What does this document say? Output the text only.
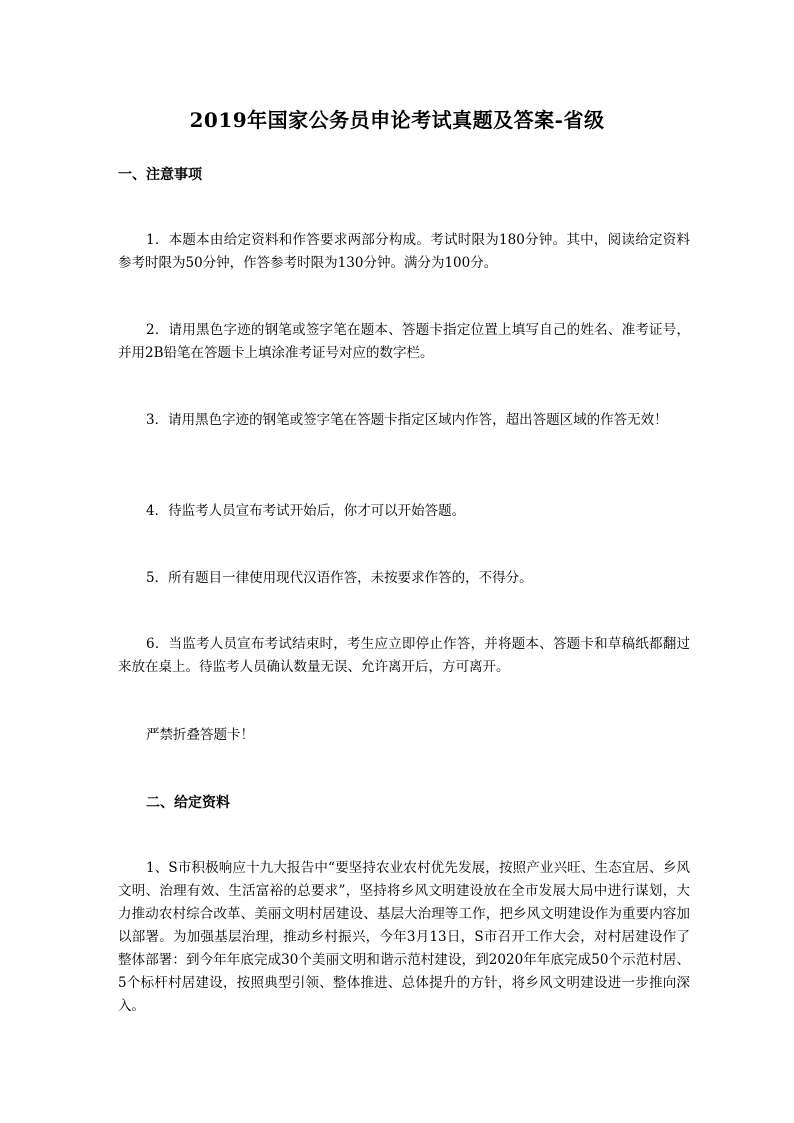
2019年国家公务员申论考试真题及答案-省级
一、注意事项
1．本题本由给定资料和作答要求两部分构成。考试时限为180分钟。其中，阅读给定资料参考时限为50分钟，作答参考时限为130分钟。满分为100分。
2．请用黑色字迹的钢笔或签字笔在题本、答题卡指定位置上填写自己的姓名、准考证号，并用2B铅笔在答题卡上填涂准考证号对应的数字栏。
3．请用黑色字迹的钢笔或签字笔在答题卡指定区域内作答，超出答题区域的作答无效！
4．待监考人员宣布考试开始后，你才可以开始答题。
5．所有题目一律使用现代汉语作答，未按要求作答的，不得分。
6．当监考人员宣布考试结束时，考生应立即停止作答，并将题本、答题卡和草稿纸都翻过来放在桌上。待监考人员确认数量无误、允许离开后，方可离开。
严禁折叠答题卡！
二、给定资料
1、S市积极响应十九大报告中“要坚持农业农村优先发展，按照产业兴旺、生态宜居、乡风文明、治理有效、生活富裕的总要求”，坚持将乡风文明建设放在全市发展大局中进行谋划，大力推动农村综合改革、美丽文明村居建设、基层大治理等工作，把乡风文明建设作为重要内容加以部署。为加强基层治理，推动乡村振兴，今年3月13日，S市召开工作大会，对村居建设作了整体部署：到今年年底完成30个美丽文明和谐示范村建设，到2020年年底完成50个示范村居、5个标杆村居建设，按照典型引领、整体推进、总体提升的方针，将乡风文明建设进一步推向深入。
